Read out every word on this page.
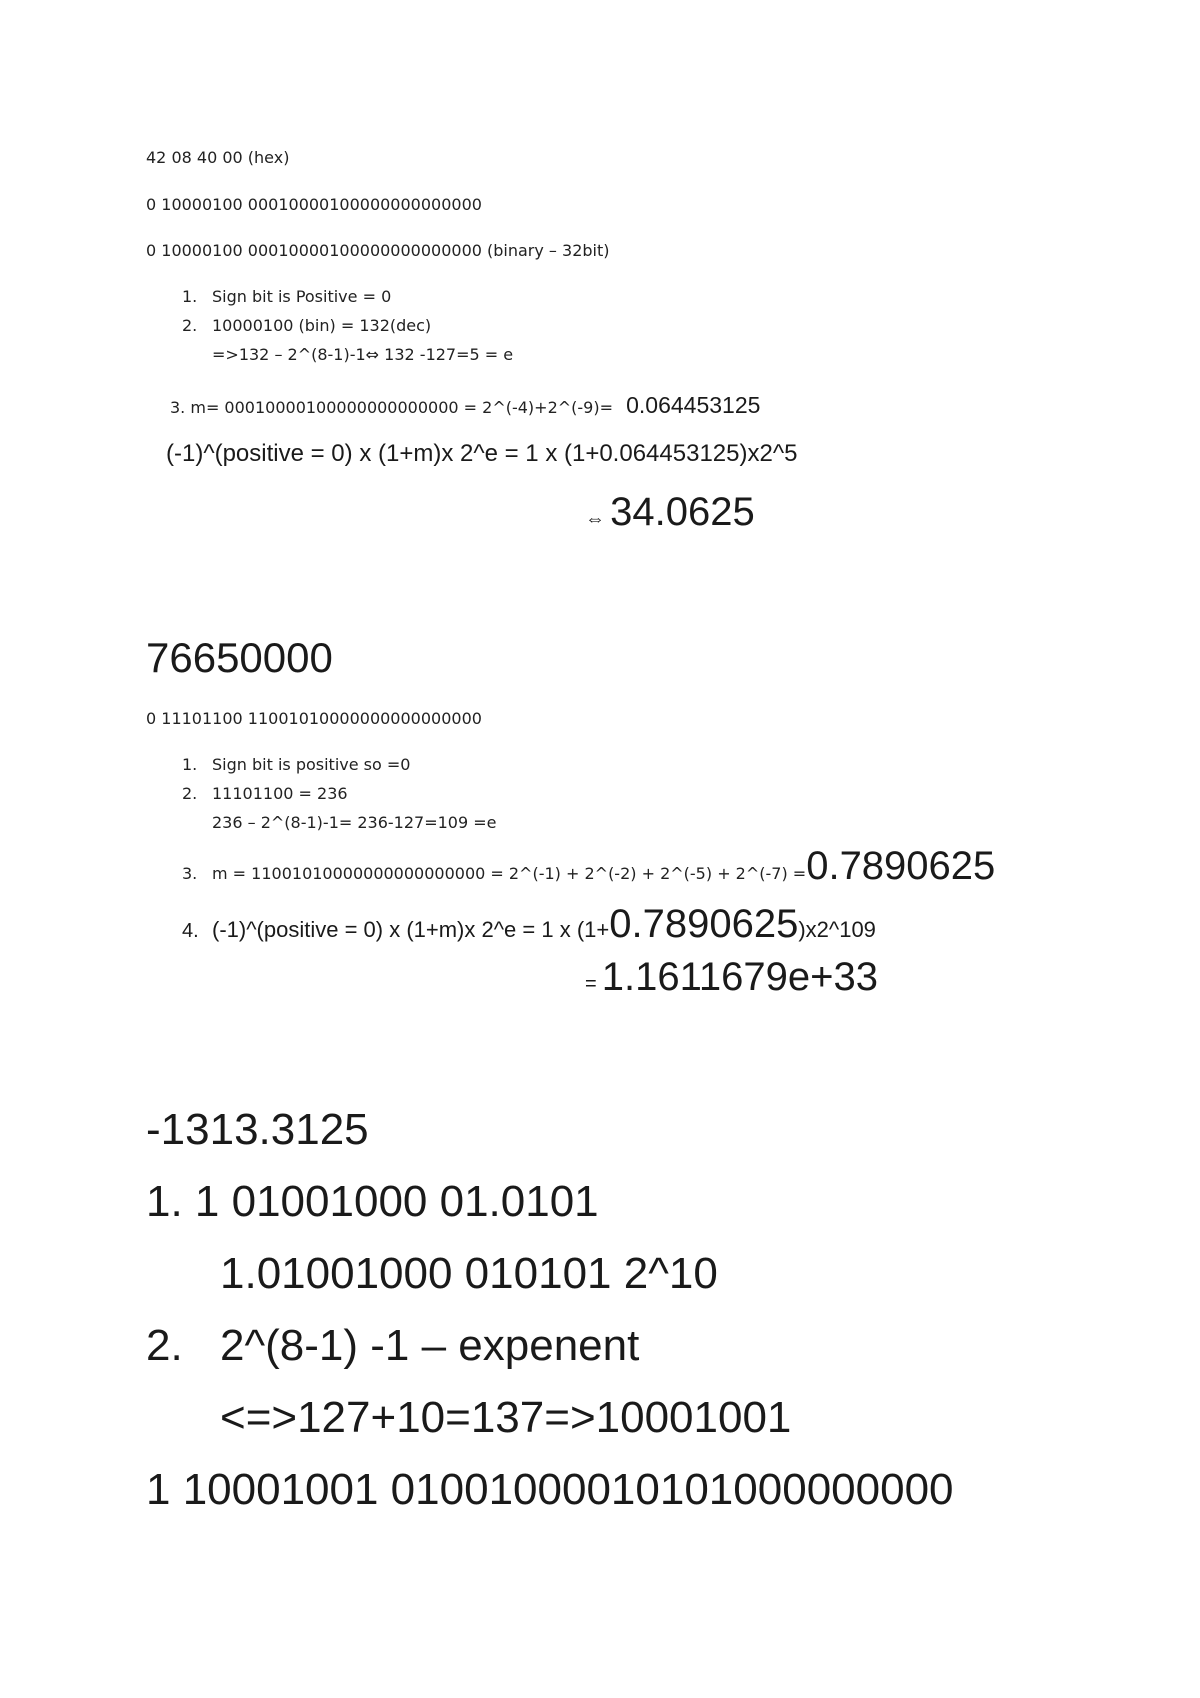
42 08 40 00 (hex)
0 10000100 00010000100000000000000
0 10000100 00010000100000000000000 (binary – 32bit)
1. Sign bit is Positive = 0
2. 10000100 (bin) = 132(dec)
=>132 – 2^(8-1)-1⇔ 132 -127=5 = e
3. m= 00010000100000000000000 = 2^(-4)+2^(-9)= 0.064453125
(-1)^(positive = 0) x (1+m)x 2^e = 1 x (1+0.064453125)x2^5
⇔ 34.0625
76650000
0 11101100 11001010000000000000000
1. Sign bit is positive so =0
2. 11101100 = 236
236 – 2^(8-1)-1= 236-127=109 =e
3. m = 11001010000000000000000 = 2^(-1) + 2^(-2) + 2^(-5) + 2^(-7) =0.7890625
4. (-1)^(positive = 0) x (1+m)x 2^e = 1 x (1+0.7890625)x2^109
= 1.1611679e+33
-1313.3125
1. 1 01001000 01.0101
1.01001000 010101 2^10
2. 2^(8-1) -1 – expenent
<=>127+10=137=>10001001
1 10001001 01001000010101000000000
